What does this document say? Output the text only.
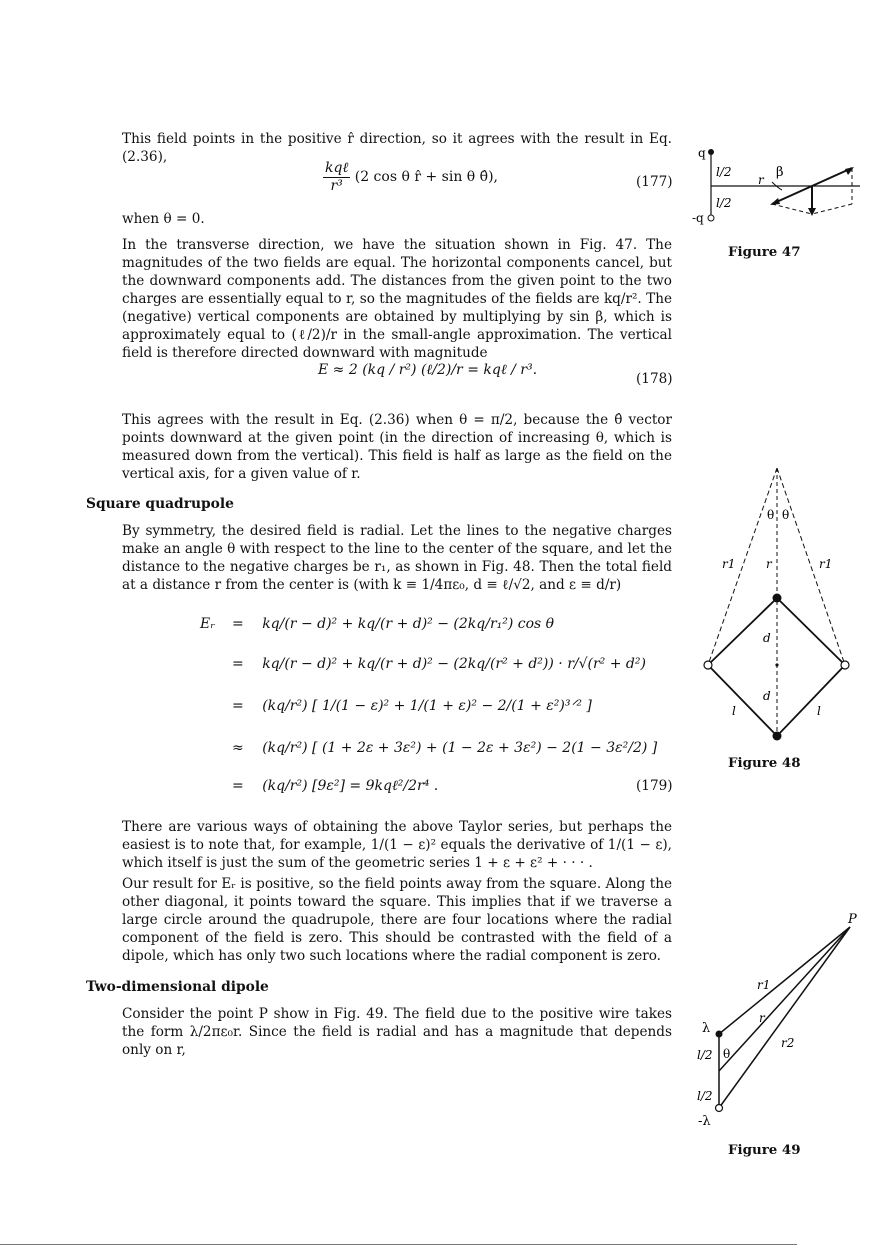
This field points in the positive r̂ direction, so it agrees with the result in Eq. (2.36),

$\frac{\text{kqℓ}}{\text{r³}} (2$ cos θ r̂ + sin θ θ̂),	(177)

when θ = 0.

In the transverse direction, we have the situation shown in Fig. 47. The magnitudes of the two fields are equal. The horizontal components cancel, but the downward components add. The distances from the given point to the two charges are essentially equal to r, so the magnitudes of the fields are kq/r². The (negative) vertical components are obtained by multiplying by sin β, which is approximately equal to (ℓ/2)/r in the small-angle approximation. The vertical field is therefore directed downward with magnitude

E ≈ 2 (kq / r²) (ℓ/2)/r = kqℓ / r³.
(178)

This agrees with the result in Eq. (2.36) when θ = π/2, because the θ̂ vector points downward at the given point (in the direction of increasing θ, which is measured down from the vertical). This field is half as large as the field on the vertical axis, for a given value of r.

Square quadrupole

By symmetry, the desired field is radial. Let the lines to the negative charges make an angle θ with respect to the line to the center of the square, and let the distance to the negative charges be r₁, as shown in Fig. 48. Then the total field at a distance r from the center is (with k ≡ 1/4πε₀, d ≡ ℓ/√2, and ε ≡ d/r)

Eᵣ = kq/(r − d)² + kq/(r + d)² − (2kq/r₁²) cos θ
= kq/(r − d)² + kq/(r + d)² − (2kq/(r² + d²)) · r/√(r² + d²)
= (kq/r²) [ 1/(1 − ε)² + 1/(1 + ε)² − 2/(1 + ε²)³ᐟ² ]
≈ (kq/r²) [ (1 + 2ε + 3ε²) + (1 − 2ε + 3ε²) − 2(1 − 3ε²/2) ]
= (kq/r²) [9ε²] = 9kqℓ²/2r⁴ .	(179)

There are various ways of obtaining the above Taylor series, but perhaps the easiest is to note that, for example, 1/(1 − ε)² equals the derivative of 1/(1 − ε), which itself is just the sum of the geometric series 1 + ε + ε² + · · · .

Our result for Eᵣ is positive, so the field points away from the square. Along the other diagonal, it points toward the square. This implies that if we traverse a large circle around the quadrupole, there are four locations where the radial component of the field is zero. This should be contrasted with the field of a dipole, which has only two such locations where the radial component is zero.

Two-dimensional dipole

Consider the point P show in Fig. 49. The field due to the positive wire takes the form λ/2πε₀r. Since the field is radial and has a magnitude that depends only on r,

q
-q
l/2
l/2
r β
Figure 47
θ θ
r1	r1
r
d
d
l	l
Figure 48
P
r1
r
r2
λ
-λ
l/2
l/2
θ
Figure 49
